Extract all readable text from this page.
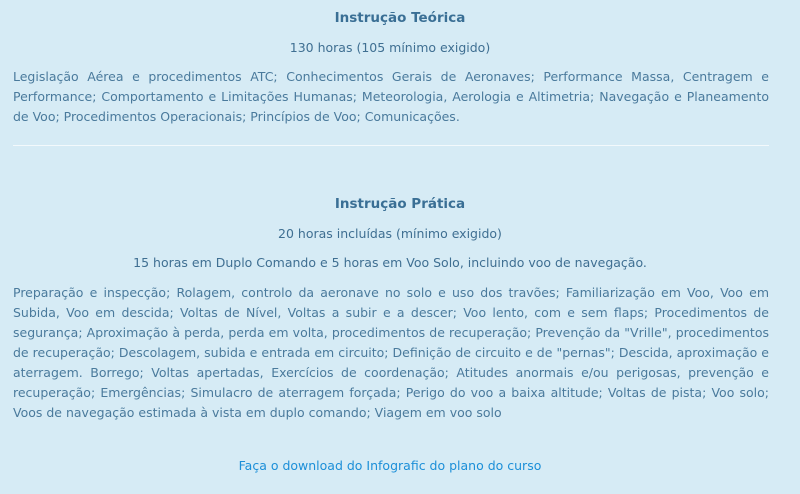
Instrução Teórica
130 horas (105 mínimo exigido)
Legislação Aérea e procedimentos ATC; Conhecimentos Gerais de Aeronaves; Performance Massa, Centragem e Performance; Comportamento e Limitações Humanas; Meteorologia, Aerologia e Altimetria; Navegação e Planeamento de Voo; Procedimentos Operacionais; Princípios de Voo; Comunicações.
Instrução Prática
20 horas incluídas (mínimo exigido)
15 horas em Duplo Comando e 5 horas em Voo Solo, incluindo voo de navegação.
Preparação e inspecção; Rolagem, controlo da aeronave no solo e uso dos travões; Familiarização em Voo, Voo em Subida, Voo em descida; Voltas de Nível, Voltas a subir e a descer; Voo lento, com e sem flaps; Procedimentos de segurança; Aproximação à perda, perda em volta, procedimentos de recuperação; Prevenção da "Vrille", procedimentos de recuperação; Descolagem, subida e entrada em circuito; Definição de circuito e de "pernas"; Descida, aproximação e aterragem. Borrego; Voltas apertadas, Exercícios de coordenação; Atitudes anormais e/ou perigosas, prevenção e recuperação; Emergências; Simulacro de aterragem forçada; Perigo do voo a baixa altitude; Voltas de pista; Voo solo; Voos de navegação estimada à vista em duplo comando; Viagem em voo solo
Faça o download do Infografic do plano do curso
